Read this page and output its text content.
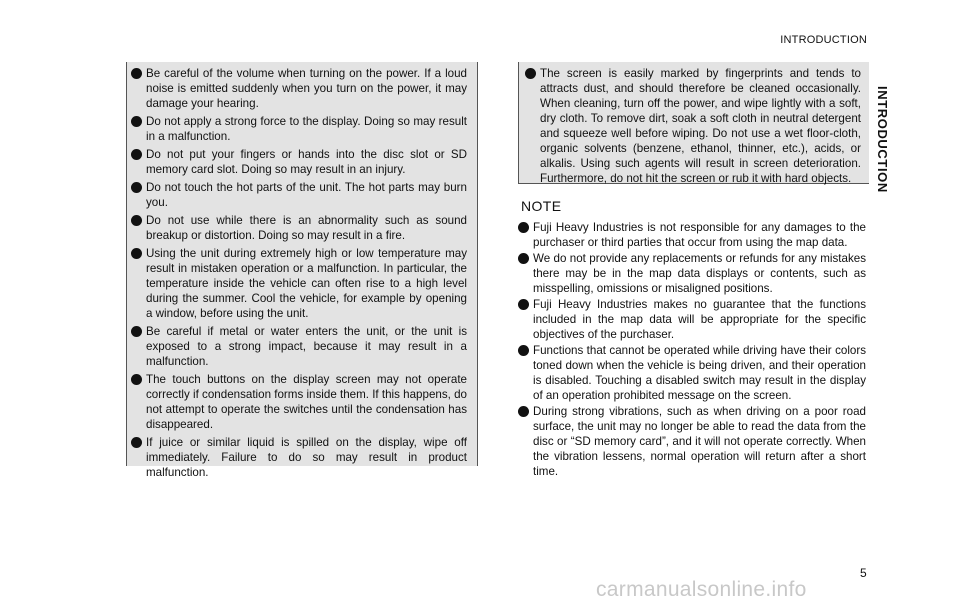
INTRODUCTION
INTRODUCTION
Be careful of the volume when turning on the power. If a loud noise is emitted suddenly when you turn on the power, it may damage your hearing.
Do not apply a strong force to the display. Doing so may result in a malfunction.
Do not put your fingers or hands into the disc slot or SD memory card slot. Doing so may result in an injury.
Do not touch the hot parts of the unit. The hot parts may burn you.
Do not use while there is an abnormality such as sound breakup or distortion. Doing so may result in a fire.
Using the unit during extremely high or low temperature may result in mistaken operation or a malfunction. In particular, the temperature inside the vehicle can often rise to a high level during the summer. Cool the vehicle, for example by opening a window, before using the unit.
Be careful if metal or water enters the unit, or the unit is exposed to a strong impact, because it may result in a malfunction.
The touch buttons on the display screen may not operate correctly if condensation forms inside them. If this happens, do not attempt to operate the switches until the condensation has disappeared.
If juice or similar liquid is spilled on the display, wipe off immediately. Failure to do so may result in product malfunction.
The screen is easily marked by fingerprints and tends to attracts dust, and should therefore be cleaned occasionally. When cleaning, turn off the power, and wipe lightly with a soft, dry cloth. To remove dirt, soak a soft cloth in neutral detergent and squeeze well before wiping. Do not use a wet floor-cloth, organic solvents (benzene, ethanol, thinner, etc.), acids, or alkalis. Using such agents will result in screen deterioration. Furthermore, do not hit the screen or rub it with hard objects.
NOTE
Fuji Heavy Industries is not responsible for any damages to the purchaser or third parties that occur from using the map data.
We do not provide any replacements or refunds for any mistakes there may be in the map data displays or contents, such as misspelling, omissions or misaligned positions.
Fuji Heavy Industries makes no guarantee that the functions included in the map data will be appropriate for the specific objectives of the purchaser.
Functions that cannot be operated while driving have their colors toned down when the vehicle is being driven, and their operation is disabled. Touching a disabled switch may result in the display of an operation prohibited message on the screen.
During strong vibrations, such as when driving on a poor road surface, the unit may no longer be able to read the data from the disc or “SD memory card”, and it will not operate correctly. When the vibration lessens, normal operation will return after a short time.
5
carmanualsonline.info
